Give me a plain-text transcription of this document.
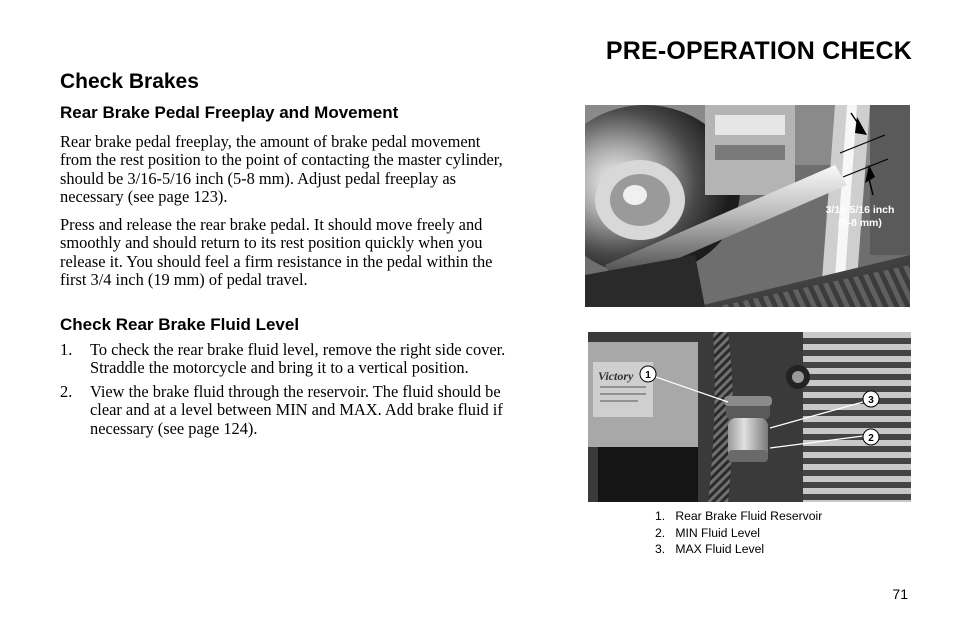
PRE-OPERATION CHECK
Check Brakes
Rear Brake Pedal Freeplay and Movement
Rear brake pedal freeplay, the amount of brake pedal movement
from the rest position to the point of contacting the master cylinder,
should be 3/16-5/16 inch (5-8 mm). Adjust pedal freeplay as
necessary (see page 123).
Press and release the rear brake pedal. It should move freely and
smoothly and should return to its rest position quickly when you
release it. You should feel a firm resistance in the pedal within the
first 3/4 inch (19 mm) of pedal travel.
Check Rear Brake Fluid Level
1. To check the rear brake fluid level, remove the right side cover.
Straddle the motorcycle and bring it to a vertical position.
2. View the brake fluid through the reservoir. The fluid should be
clear and at a level between MIN and MAX. Add brake fluid if
necessary (see page 124).
3/16-5/16 inch
(5-8 mm)
Victory 1
3
2
1.   Rear Brake Fluid Reservoir
2.   MIN Fluid Level
3.   MAX Fluid Level
71
